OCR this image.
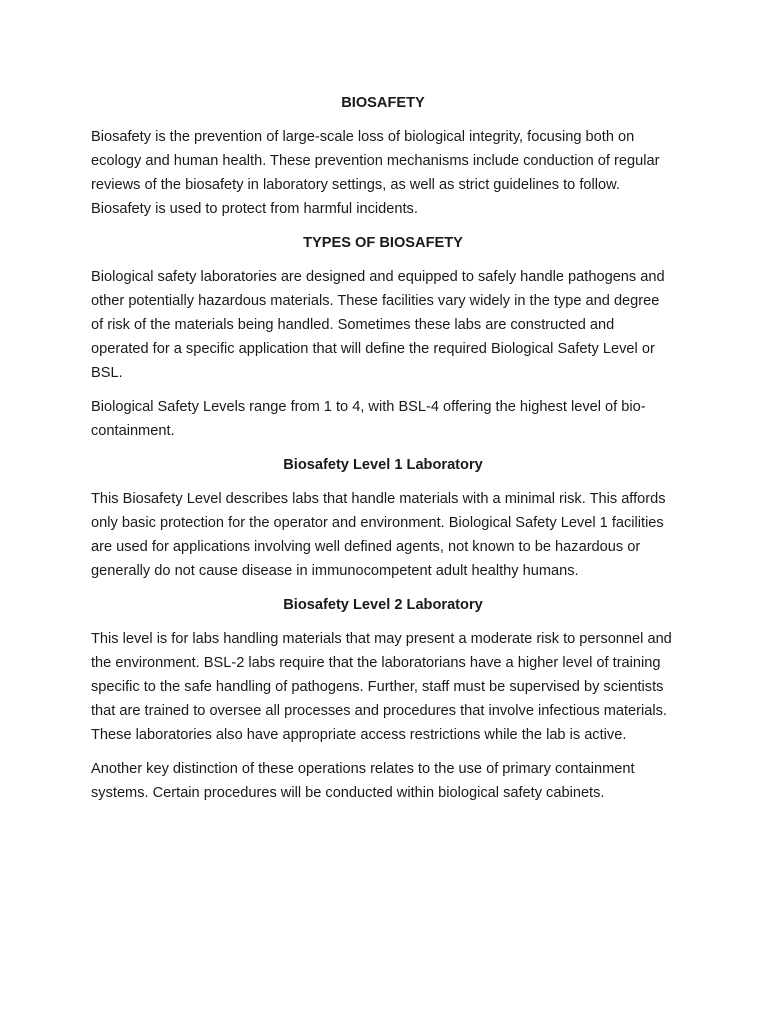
BIOSAFETY

Biosafety is the prevention of large-scale loss of biological integrity, focusing both on ecology and human health. These prevention mechanisms include conduction of regular reviews of the biosafety in laboratory settings, as well as strict guidelines to follow. Biosafety is used to protect from harmful incidents.

TYPES OF BIOSAFETY

Biological safety laboratories are designed and equipped to safely handle pathogens and other potentially hazardous materials. These facilities vary widely in the type and degree of risk of the materials being handled. Sometimes these labs are constructed and operated for a specific application that will define the required Biological Safety Level or BSL.

Biological Safety Levels range from 1 to 4, with BSL-4 offering the highest level of bio-containment.

Biosafety Level 1 Laboratory

This Biosafety Level describes labs that handle materials with a minimal risk. This affords only basic protection for the operator and environment. Biological Safety Level 1 facilities are used for applications involving well defined agents, not known to be hazardous or generally do not cause disease in immunocompetent adult healthy humans.

Biosafety Level 2 Laboratory

This level is for labs handling materials that may present a moderate risk to personnel and the environment. BSL-2 labs require that the laboratorians have a higher level of training specific to the safe handling of pathogens. Further, staff must be supervised by scientists that are trained to oversee all processes and procedures that involve infectious materials. These laboratories also have appropriate access restrictions while the lab is active.

Another key distinction of these operations relates to the use of primary containment systems. Certain procedures will be conducted within biological safety cabinets.
